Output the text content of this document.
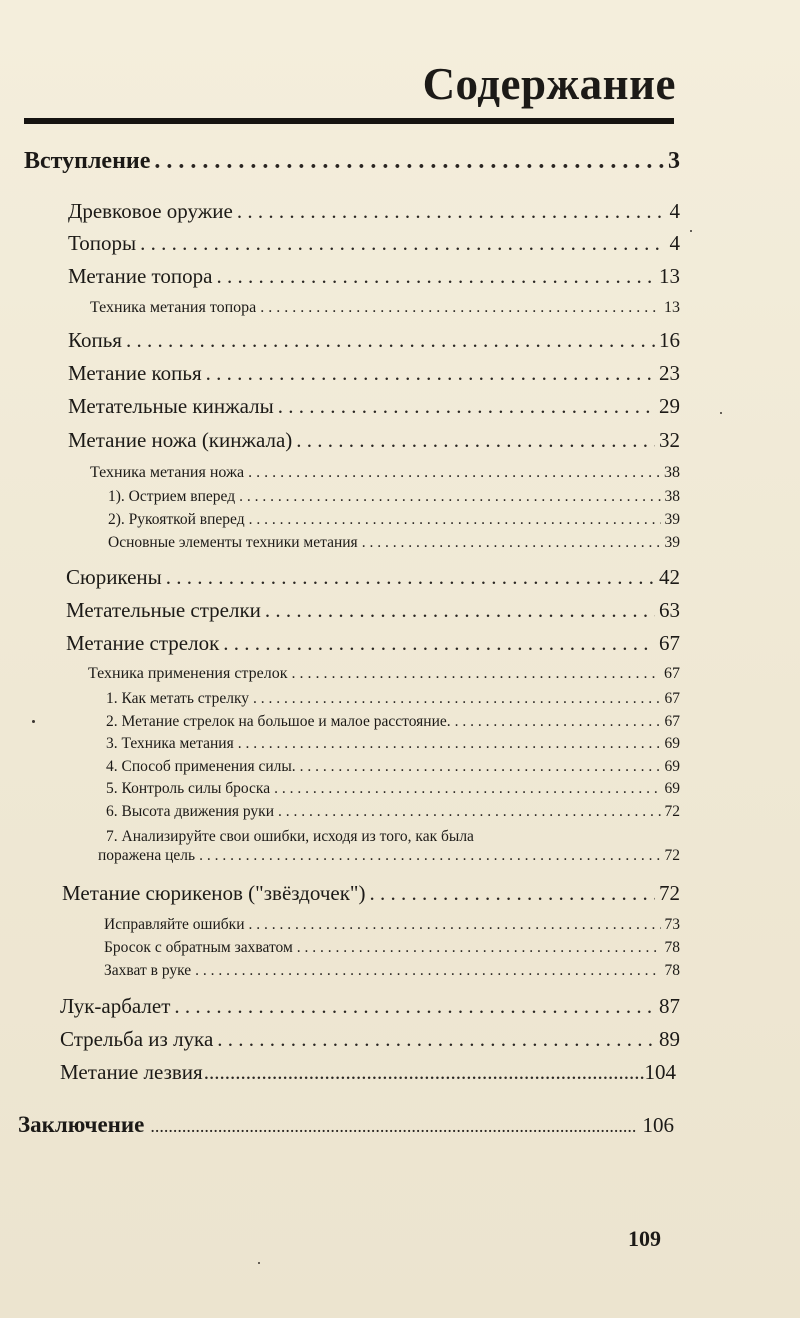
Содержание
Вступление . . .	3
Древковое оружие . . .	4
Топоры . . .	4
Метание топора . . .	13
Техника метания топора . . .	13
Копья . . .	16
Метание копья . . .	23
Метательные кинжалы . . .	29
Метание ножа (кинжала) . . .	32
Техника метания ножа . . .	38
1). Острием вперед . . .	38
2). Рукояткой вперед . . .	39
Основные элементы техники метания . . .	39
Сюрикены . . .	42
Метательные стрелки . . .	63
Метание стрелок . . .	67
Техника применения стрелок . . .	67
1. Как метать стрелку . . .	67
2. Метание стрелок на большое и малое расстояние. . . .	67
3. Техника метания . . .	69
4. Способ применения силы. . . .	69
5. Контроль силы броска . . .	69
6. Высота движения руки . . .	72
7. Анализируйте свои ошибки, исходя из того, как была
поражена цель . . .	72
Метание сюрикенов ("звёздочек") . . .	72
Исправляйте ошибки . . .	73
Бросок с обратным захватом . . .	78
Захват в руке . . .	78
Лук-арбалет . . .	87
Стрельба из лука . . .	89
Метание лезвия .....	104
Заключение .....	106
109
